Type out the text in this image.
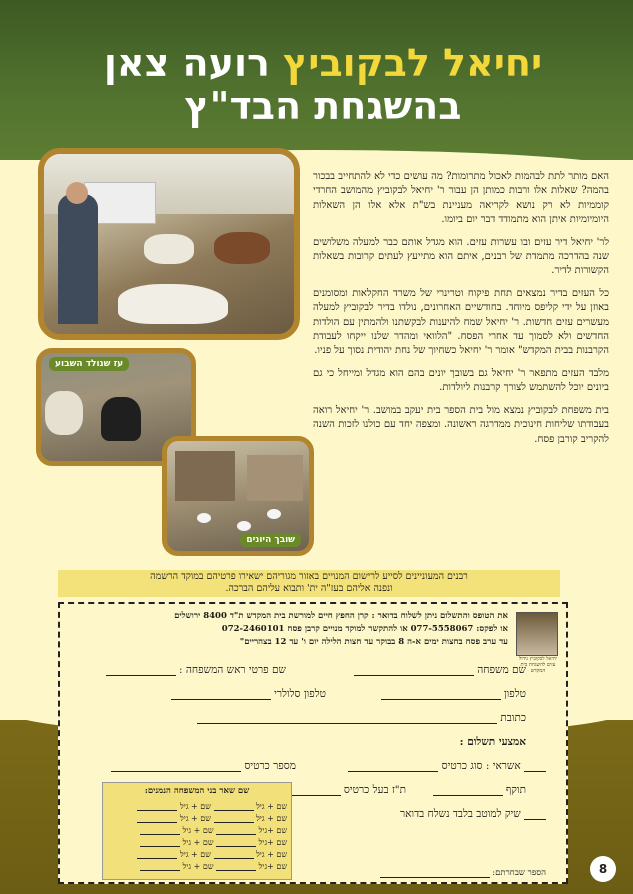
יחיאל לבקוביץ רועה צאן
בהשגחת הבד"ץ

האם מותר לתת לבהמות לאכול מתרומות? מה עושים כדי לא להתחייב בבכור בהמה? שאלות אלו ורבות כמותן הן עבור ר' יחיאל לבקוביץ מהמושב החרדי קוממיות לא רק נושא לקריאה מעניינת בש"ת אלא אלו הן השאלות היומיומיות איתן הוא מתמודד דבר יום ביומו.

לר' יחיאל דיר עזים ובו עשרות עזים. הוא מגדל אותם כבר למעלה משלושים שנה בהדרכה מתמדת של רבנים, איתם הוא מתייעץ לעתים קרובות בשאלות הקשורות לדיר.

כל העזים בדיר נמצאים תחת פיקוח וטרינרי של משרד החקלאות ומסומנים באוזן על ידי קליפס מיוחד. בחודשיים האחרונים, נולדו בדיר לבקוביץ למעלה מעשרים עזים חדשות. ר' יחיאל שמח להיענות לבקשתנו ולהמתין עם הולדות החדשים ולא לסמוך עד אחרי הפסח. "הלוואי ומהדר שלנו ייקחו לעבודת הקרבנות בבית המקדש" אומר ר' יחיאל כשחיוך של נחת יהודית נסוך על פניו.

מלבד העזים מתפאר ר' יחיאל גם בשובך יונים בהם הוא מגדל ומייחל כי גם ביונים יוכל להשתמש לצורך קרבנות ליולדות.

בית משפחת לבקוביץ נמצא מול בית הספר בית יעקב במושב. ר' יחיאל רואה בעבודתו שליחות חינוכית ממדרגה ראשונה. ומצפה יחד עם כולנו לזכות השנה להקריב קורבן פסח.

עז שנולד השבוע
שובך היונים
רבנים המעוניינים לסייע לרישום המנויים באזור מגוריהם ישאירו פרטיהם במוקד הרשמה
ונפנה אליהם בעז"ה ית' ותבוא עליהם הברכה.
יחיאל לבקוביץ גידול עזים להשגחת בית המקדש
את הטופס והתשלום ניתן לשלוח בדואר : קרן החפץ חיים למורשת בית המקדש ת"ד 8400 ירושלים
או לפקס: 077-5558067 או להתקשר למוקד מנויים קרבן פסח 072-2460101
עד ערב פסח בחצות ימים א-ה 8 בבוקר עד חצות הלילה יום ו' עד 12 בצהריים"
שם משפחה
שם פרטי ראש המשפחה :
טלפון
טלפון סלולרי
כתובת
אמצעי תשלום :
אשראי : סוג כרטיס
מספר כרטיס
תוקף
ת"ז בעל כרטיס
שיק למוטב בלבד נשלח בדואר
הספר שבחרתם:
שם שאר בני המשפחה הנמנים:
שם + גיל  שם + גיל
שם + גיל  שם + גיל
שם +גיל  שם + גיל
שם +גיל  שם + גיל
שם + גיל  שם + גיל
שם +גיל  שם + גיל	8
